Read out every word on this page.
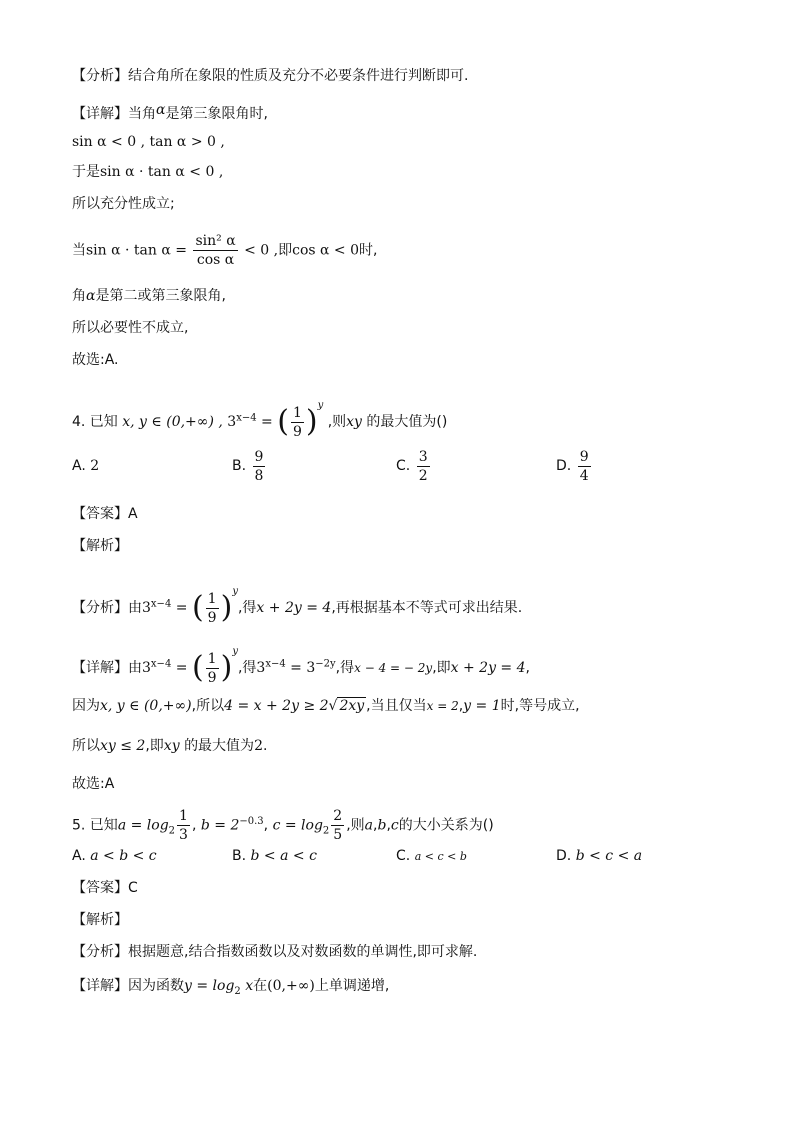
【分析】结合角所在象限的性质及充分不必要条件进行判断即可.
【详解】当角α是第三象限角时,
sin α < 0 , tan α > 0 ,
于是sin α · tan α < 0 ,
所以充分性成立;
当$\sin \alpha \cdot \tan \alpha = \frac{\text{sin² α}}{\text{cos α}} < 0$ ,即cos α < 0时,
角α是第二或第三象限角,
所以必要性不成立,
故选:A.
4. 已知 x, y ∈ (0,+∞) , $3^{x-4}$ = ( $\frac{1}{9} )^y$ ,则xy 的最大值为()
A. 2	B. $\frac{9}{8}$	C. $\frac{3}{2}$	D. $\frac{9}{4}$
【答案】A
【解析】
【分析】由$3^{x-4}$ = ( $\frac{1}{9} )^y$,得x + 2y = 4,再根据基本不等式可求出结果.
【详解】由$3^{x-4}$ = ( $\frac{1}{9} )^y$,得$3^{x-4} = 3^{-2y}$,得x − 4 = − 2y,即x + 2y = 4,
因为x, y ∈ (0,+∞),所以4 = x + 2y ≥ 2√ 2xy ,当且仅当x = 2,y = 1时,等号成立,
所以xy ≤ 2,即xy 的最大值为2.
故选:A
5. 已知$a = \log_2 \frac{1}{3}$ , $b = 2^{-0.3}$, $c = \log_2 \frac{2}{5}$ ,则a,b,c的大小关系为()
A. a < b < c	B. b < a < c	C. a < c < b	D. b < c < a
【答案】C
【解析】
【分析】根据题意,结合指数函数以及对数函数的单调性,即可求解.
【详解】因为函数$y = \log_2 x$在(0,+∞)上单调递增,
